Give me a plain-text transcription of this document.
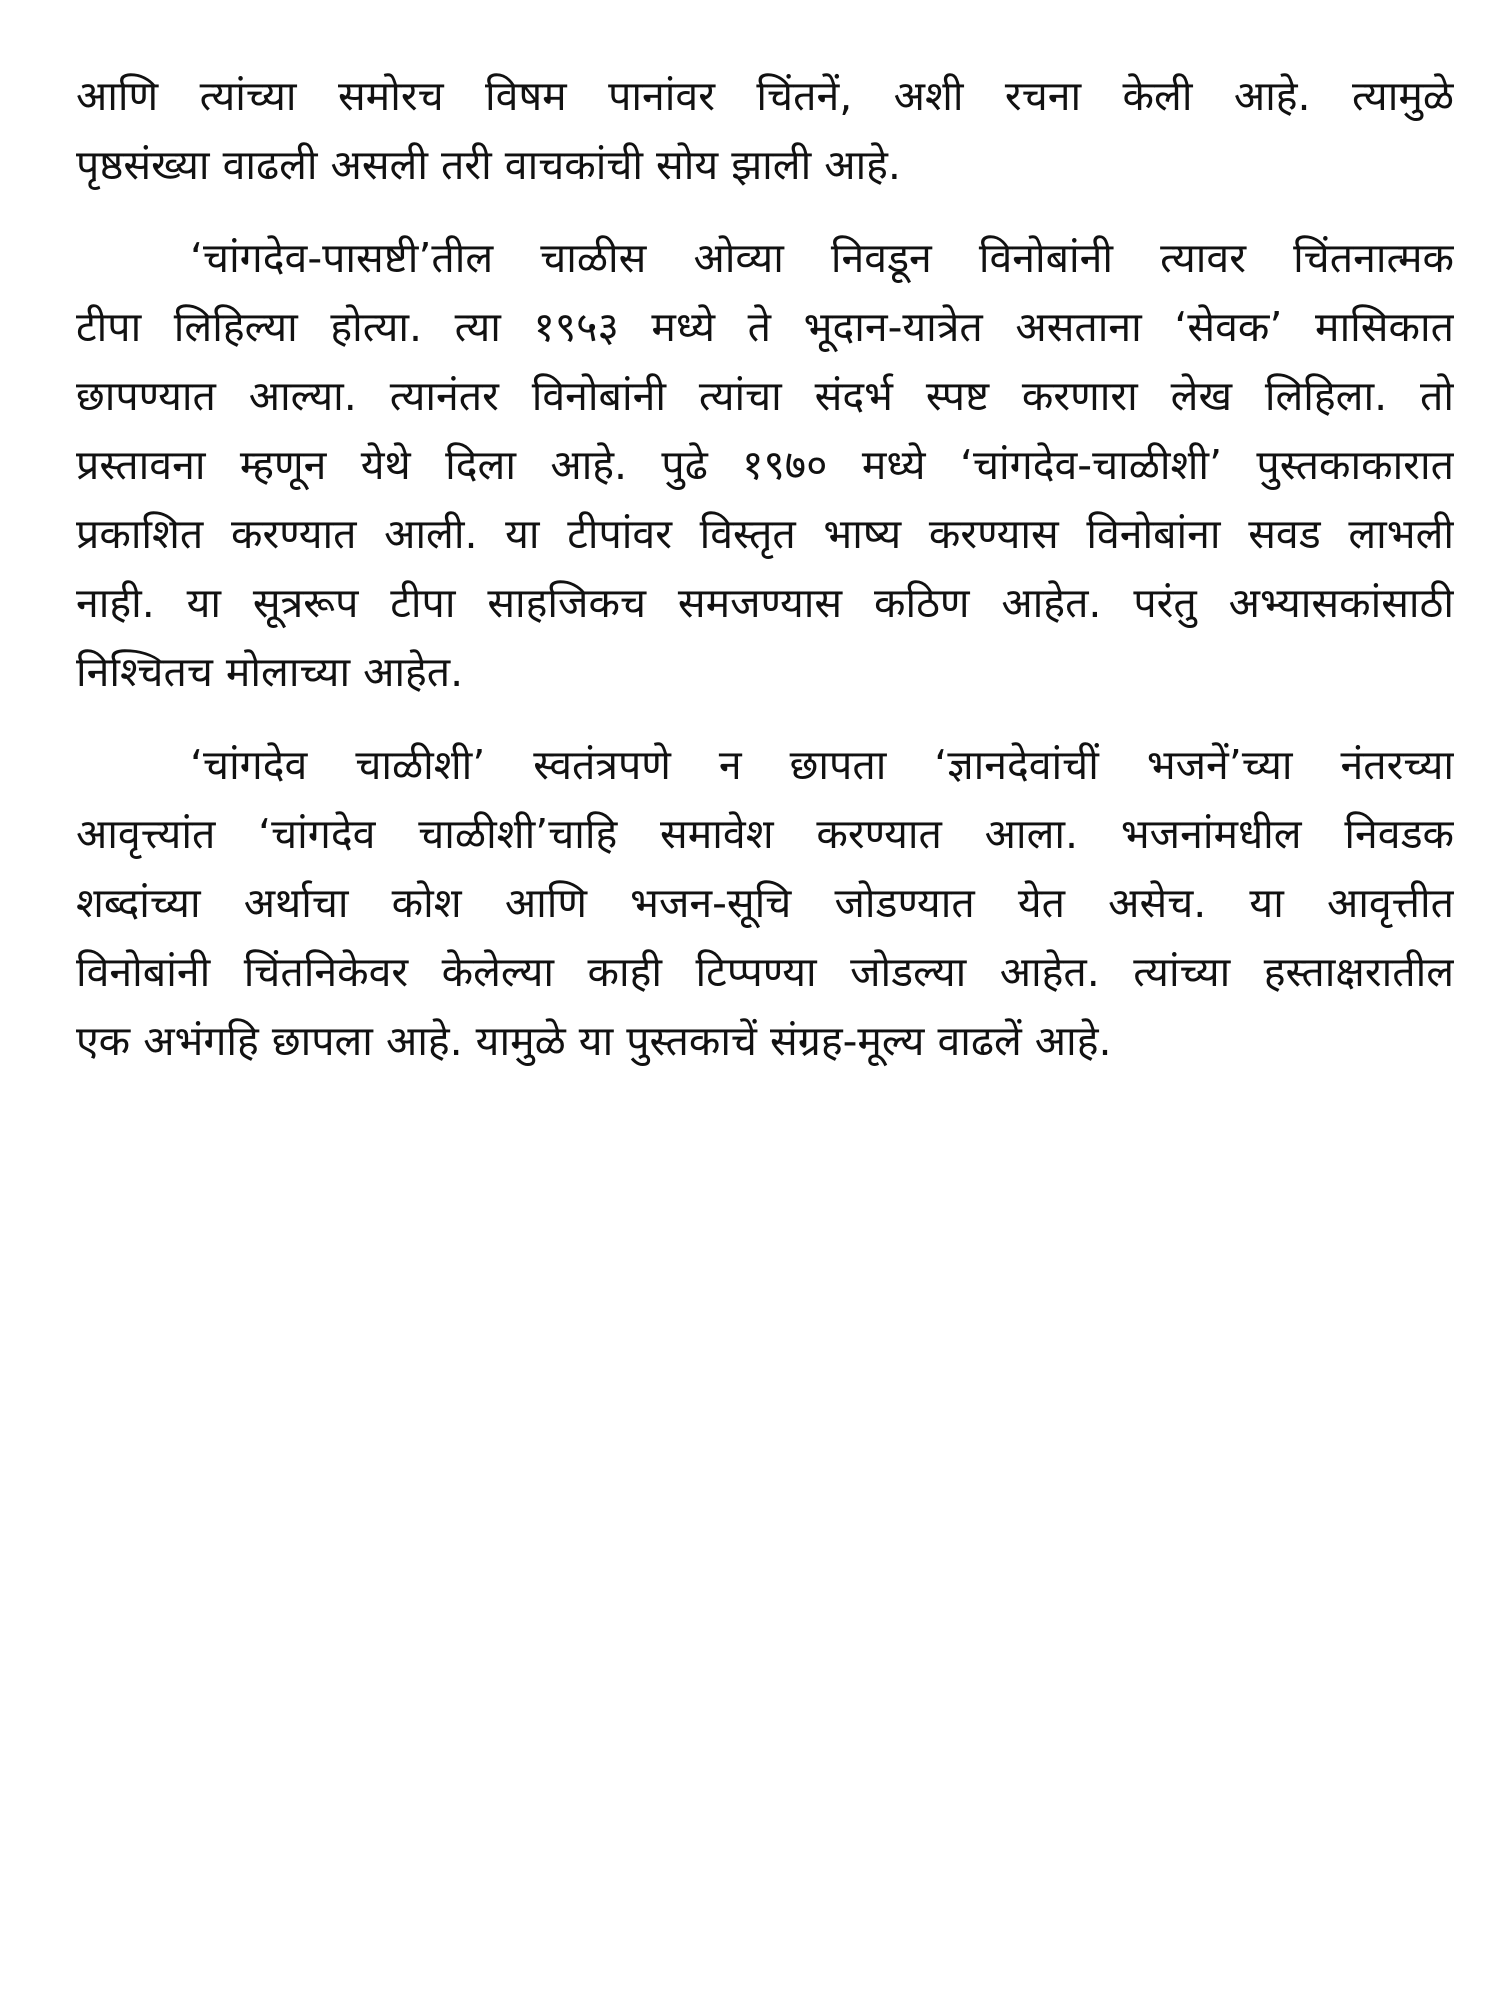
आणि त्यांच्या समोरच विषम पानांवर चिंतनें, अशी रचना केली आहे. त्यामुळे
पृष्ठसंख्या वाढली असली तरी वाचकांची सोय झाली आहे.
‘चांगदेव-पासष्टी’तील चाळीस ओव्या निवडून विनोबांनी त्यावर चिंतनात्मक
टीपा लिहिल्या होत्या. त्या १९५३ मध्ये ते भूदान-यात्रेत असताना ‘सेवक’ मासिकात
छापण्यात आल्या. त्यानंतर विनोबांनी त्यांचा संदर्भ स्पष्ट करणारा लेख लिहिला. तो
प्रस्तावना म्हणून येथे दिला आहे. पुढे १९७० मध्ये ‘चांगदेव-चाळीशी’ पुस्तकाकारात
प्रकाशित करण्यात आली. या टीपांवर विस्तृत भाष्य करण्यास विनोबांना सवड लाभली
नाही. या सूत्ररूप टीपा साहजिकच समजण्यास कठिण आहेत. परंतु अभ्यासकांसाठी
निश्चितच मोलाच्या आहेत.
‘चांगदेव चाळीशी’ स्वतंत्रपणे न छापता ‘ज्ञानदेवांचीं भजनें’च्या नंतरच्या
आवृत्त्यांत ‘चांगदेव चाळीशी’चाहि समावेश करण्यात आला. भजनांमधील निवडक
शब्दांच्या अर्थाचा कोश आणि भजन-सूचि जोडण्यात येत असेच. या आवृत्तीत
विनोबांनी चिंतनिकेवर केलेल्या काही टिप्पण्या जोडल्या आहेत. त्यांच्या हस्ताक्षरातील
एक अभंगहि छापला आहे. यामुळे या पुस्तकाचें संग्रह-मूल्य वाढलें आहे.
